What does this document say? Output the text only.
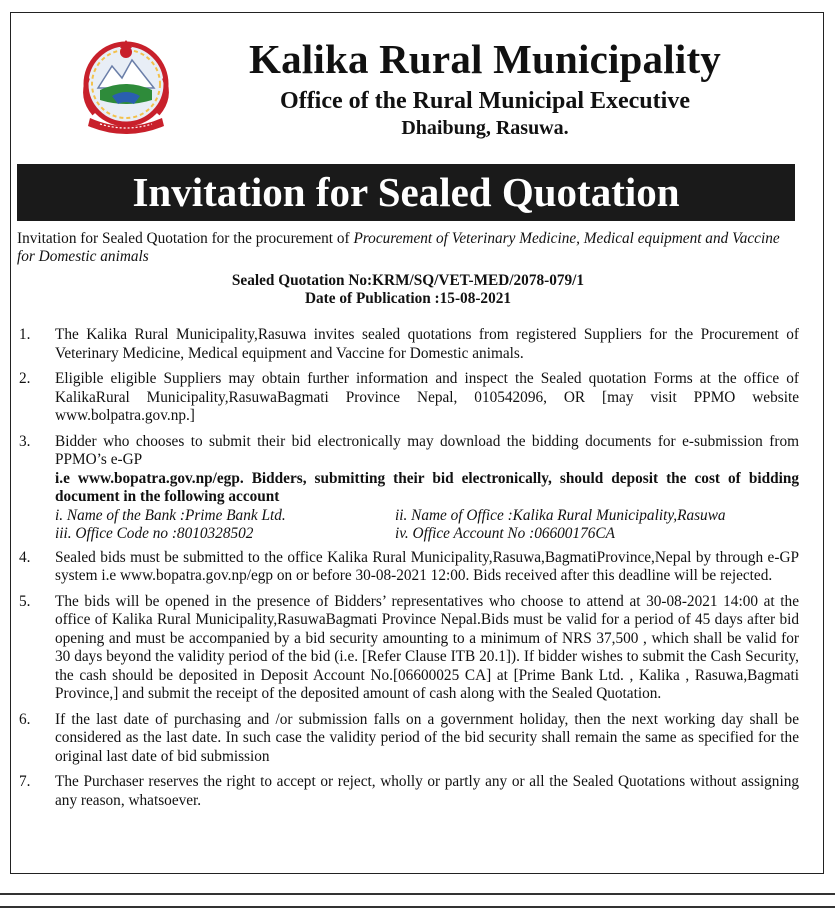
Kalika Rural Municipality
Office of the Rural Municipal Executive
Dhaibung, Rasuwa.
Invitation for Sealed Quotation
Invitation for Sealed Quotation for the procurement of Procurement of Veterinary Medicine, Medical equipment and Vaccine for Domestic animals
Sealed Quotation No:KRM/SQ/VET-MED/2078-079/1
Date of Publication :15-08-2021
1. The Kalika Rural Municipality,Rasuwa invites sealed quotations from registered Suppliers for the Procurement of Veterinary Medicine, Medical equipment and Vaccine for Domestic animals.
2. Eligible eligible Suppliers may obtain further information and inspect the Sealed quotation Forms at the office of KalikaRural Municipality,RasuwaBagmati Province Nepal, 010542096, OR [may visit PPMO website www.bolpatra.gov.np.]
3. Bidder who chooses to submit their bid electronically may download the bidding documents for e-submission from PPMO’s e-GP
i.e www.bopatra.gov.np/egp. Bidders, submitting their bid electronically, should deposit the cost of bidding document in the following account
i. Name of the Bank :Prime Bank Ltd.	ii. Name of Office :Kalika Rural Municipality,Rasuwa
iii. Office Code no :8010328502	iv. Office Account No :06600176CA
4. Sealed bids must be submitted to the office Kalika Rural Municipality,Rasuwa,BagmatiProvince,Nepal by through e-GP system i.e www.bopatra.gov.np/egp on or before 30-08-2021 12:00. Bids received after this deadline will be rejected.
5. The bids will be opened in the presence of Bidders’ representatives who choose to attend at 30-08-2021 14:00 at the office of Kalika Rural Municipality,RasuwaBagmati Province Nepal.Bids must be valid for a period of 45 days after bid opening and must be accompanied by a bid security amounting to a minimum of NRS 37,500 , which shall be valid for 30 days beyond the validity period of the bid (i.e. [Refer Clause ITB 20.1]). If bidder wishes to submit the Cash Security, the cash should be deposited in Deposit Account No.[06600025 CA] at [Prime Bank Ltd. , Kalika , Rasuwa,Bagmati Province,] and submit the receipt of the deposited amount of cash along with the Sealed Quotation.
6. If the last date of purchasing and /or submission falls on a government holiday, then the next working day shall be considered as the last date. In such case the validity period of the bid security shall remain the same as specified for the original last date of bid submission
7. The Purchaser reserves the right to accept or reject, wholly or partly any or all the Sealed Quotations without assigning any reason, whatsoever.
